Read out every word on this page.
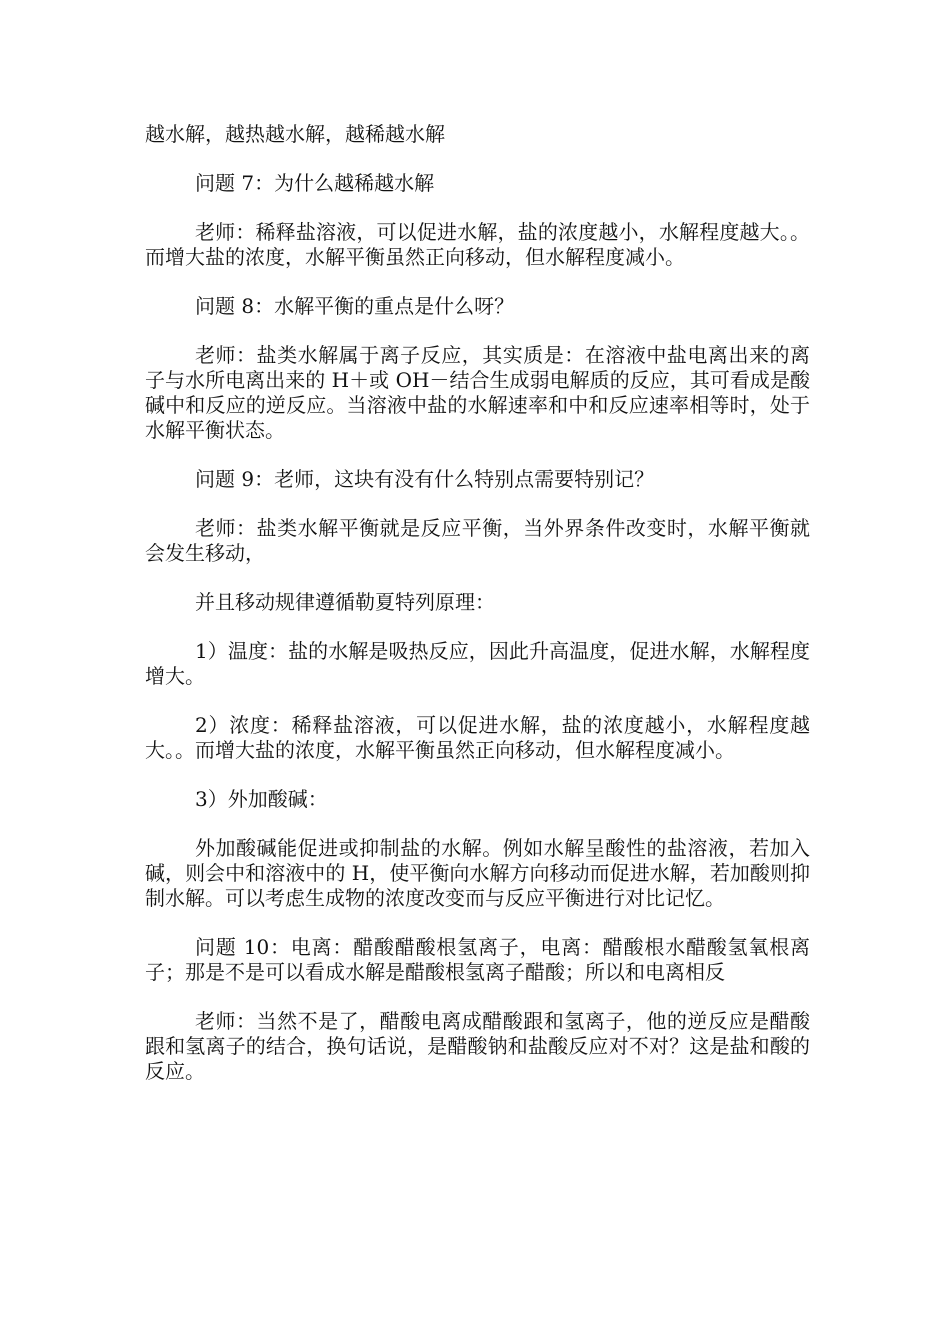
越水解，越热越水解，越稀越水解

问题 7：为什么越稀越水解

老师：稀释盐溶液，可以促进水解，盐的浓度越小，水解程度越大。。而增大盐的浓度，水解平衡虽然正向移动，但水解程度减小。

问题 8：水解平衡的重点是什么呀？

老师：盐类水解属于离子反应，其实质是：在溶液中盐电离出来的离子与水所电离出来的 H＋或 OH－结合生成弱电解质的反应，其可看成是酸碱中和反应的逆反应。当溶液中盐的水解速率和中和反应速率相等时，处于水解平衡状态。

问题 9：老师，这块有没有什么特别点需要特别记？

老师：盐类水解平衡就是反应平衡，当外界条件改变时，水解平衡就会发生移动，

并且移动规律遵循勒夏特列原理：

1）温度：盐的水解是吸热反应，因此升高温度，促进水解，水解程度增大。

2）浓度：稀释盐溶液，可以促进水解，盐的浓度越小，水解程度越大。。而增大盐的浓度，水解平衡虽然正向移动，但水解程度减小。

3）外加酸碱：

外加酸碱能促进或抑制盐的水解。例如水解呈酸性的盐溶液，若加入碱，则会中和溶液中的 H，使平衡向水解方向移动而促进水解，若加酸则抑制水解。可以考虑生成物的浓度改变而与反应平衡进行对比记忆。

问题 10：电离：醋酸醋酸根氢离子，电离：醋酸根水醋酸氢氧根离子；那是不是可以看成水解是醋酸根氢离子醋酸；所以和电离相反

老师：当然不是了，醋酸电离成醋酸跟和氢离子，他的逆反应是醋酸跟和氢离子的结合，换句话说，是醋酸钠和盐酸反应对不对？这是盐和酸的反应。
